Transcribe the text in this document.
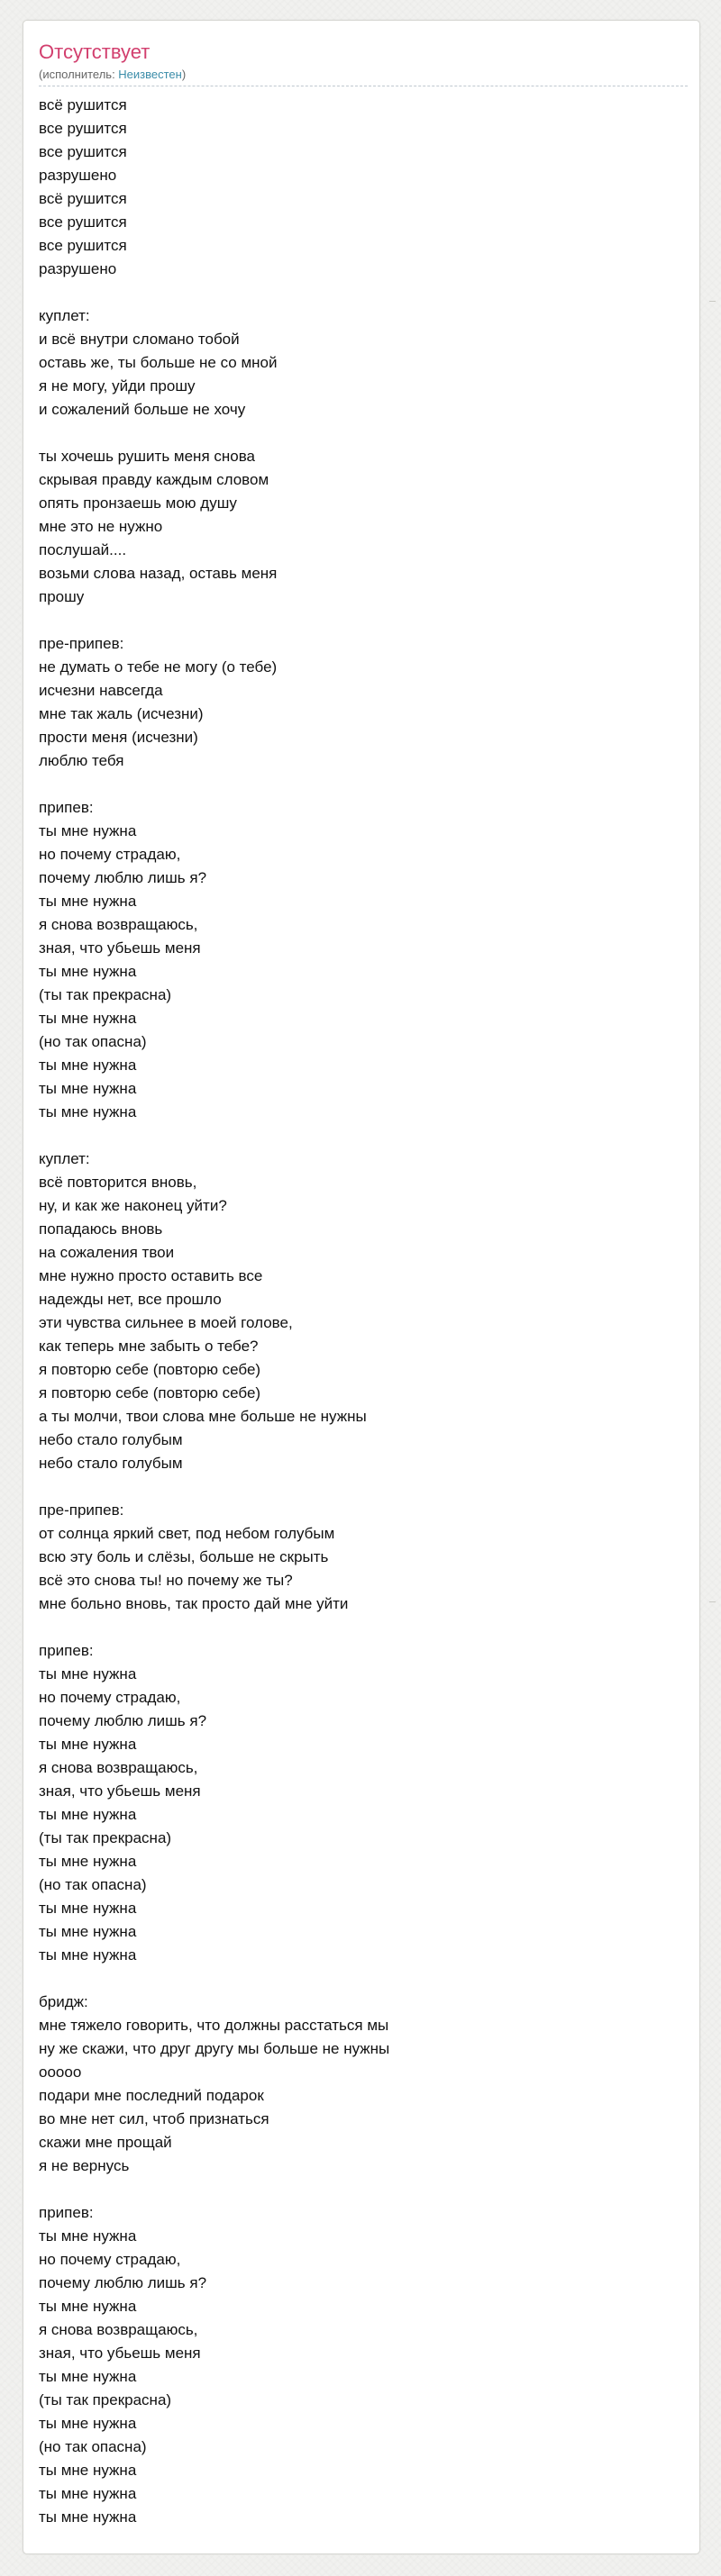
Отсутствует
(исполнитель: Неизвестен)
всё рушится
все рушится
все рушится
разрушено
всё рушится
все рушится
все рушится
разрушено
куплет:
и всё внутри сломано тобой
оставь же, ты больше не со мной
я не могу, уйди прошу
и сожалений больше не хочу
ты хочешь рушить меня снова
скрывая правду каждым словом
опять пронзаешь мою душу
мне это не нужно
послушай....
возьми слова назад, оставь меня
прошу
пре-припев:
не думать о тебе не могу (о тебе)
исчезни навсегда
мне так жаль (исчезни)
прости меня (исчезни)
люблю тебя
припев:
ты мне нужна
но почему страдаю,
почему люблю лишь я?
ты мне нужна
я снова возвращаюсь,
зная, что убьешь меня
ты мне нужна
(ты так прекрасна)
ты мне нужна
(но так опасна)
ты мне нужна
ты мне нужна
ты мне нужна
куплет:
всё повторится вновь,
ну, и как же наконец уйти?
попадаюсь вновь
на сожаления твои
мне нужно просто оставить все
надежды нет, все прошло
эти чувства сильнее в моей голове,
как теперь мне забыть о тебе?
я повторю себе (повторю себе)
я повторю себе (повторю себе)
а ты молчи, твои слова мне больше не нужны
небо стало голубым
небо стало голубым
пре-припев:
от солнца яркий свет, под небом голубым
всю эту боль и слёзы, больше не скрыть
всё это снова ты! но почему же ты?
мне больно вновь, так просто дай мне уйти
припев:
ты мне нужна
но почему страдаю,
почему люблю лишь я?
ты мне нужна
я снова возвращаюсь,
зная, что убьешь меня
ты мне нужна
(ты так прекрасна)
ты мне нужна
(но так опасна)
ты мне нужна
ты мне нужна
ты мне нужна
бридж:
мне тяжело говорить, что должны расстаться мы
ну же скажи, что друг другу мы больше не нужны
ооооо
подари мне последний подарок
во мне нет сил, чтоб признаться
скажи мне прощай
я не вернусь
припев:
ты мне нужна
но почему страдаю,
почему люблю лишь я?
ты мне нужна
я снова возвращаюсь,
зная, что убьешь меня
ты мне нужна
(ты так прекрасна)
ты мне нужна
(но так опасна)
ты мне нужна
ты мне нужна
ты мне нужна
